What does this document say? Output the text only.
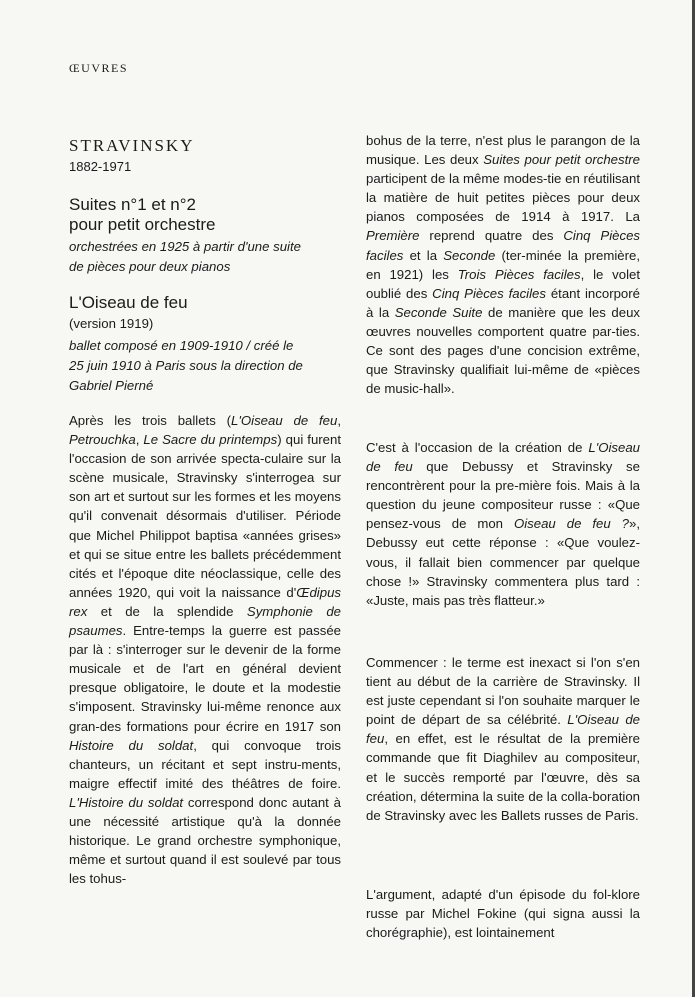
ŒUVRES
STRAVINSKY
1882-1971
Suites n°1 et n°2
pour petit orchestre
orchestrées en 1925 à partir d'une suite
de pièces pour deux pianos
L'Oiseau de feu
(version 1919)
ballet composé en 1909-1910 / créé le
25 juin 1910 à Paris sous la direction de
Gabriel Pierné

Après les trois ballets (L'Oiseau de feu, Petrouchka, Le Sacre du printemps) qui furent l'occasion de son arrivée specta-culaire sur la scène musicale, Stravinsky s'interrogea sur son art et surtout sur les formes et les moyens qu'il convenait désormais d'utiliser. Période que Michel Philippot baptisa «années grises» et qui se situe entre les ballets précédemment cités et l'époque dite néoclassique, celle des années 1920, qui voit la naissance d'Œdipus rex et de la splendide Symphonie de psaumes. Entre-temps la guerre est passée par là : s'interroger sur le devenir de la forme musicale et de l'art en général devient presque obligatoire, le doute et la modestie s'imposent. Stravinsky lui-même renonce aux gran-des formations pour écrire en 1917 son Histoire du soldat, qui convoque trois chanteurs, un récitant et sept instru-ments, maigre effectif imité des théâtres de foire. L'Histoire du soldat correspond donc autant à une nécessité artistique qu'à la donnée historique. Le grand orchestre symphonique, même et surtout quand il est soulevé par tous les tohus-

bohus de la terre, n'est plus le parangon de la musique. Les deux Suites pour petit orchestre participent de la même modes-tie en réutilisant la matière de huit petites pièces pour deux pianos composées de 1914 à 1917. La Première reprend quatre des Cinq Pièces faciles et la Seconde (ter-minée la première, en 1921) les Trois Pièces faciles, le volet oublié des Cinq Pièces faciles étant incorporé à la Seconde Suite de manière que les deux œuvres nouvelles comportent quatre par-ties. Ce sont des pages d'une concision extrême, que Stravinsky qualifiait lui-même de «pièces de music-hall».

C'est à l'occasion de la création de L'Oiseau de feu que Debussy et Stravinsky se rencontrèrent pour la pre-mière fois. Mais à la question du jeune compositeur russe : «Que pensez-vous de mon Oiseau de feu ?», Debussy eut cette réponse : «Que voulez-vous, il fallait bien commencer par quelque chose !» Stravinsky commentera plus tard : «Juste, mais pas très flatteur.»

Commencer : le terme est inexact si l'on s'en tient au début de la carrière de Stravinsky. Il est juste cependant si l'on souhaite marquer le point de départ de sa célébrité. L'Oiseau de feu, en effet, est le résultat de la première commande que fit Diaghilev au compositeur, et le succès remporté par l'œuvre, dès sa création, détermina la suite de la colla-boration de Stravinsky avec les Ballets russes de Paris.

L'argument, adapté d'un épisode du fol-klore russe par Michel Fokine (qui signa aussi la chorégraphie), est lointainement
